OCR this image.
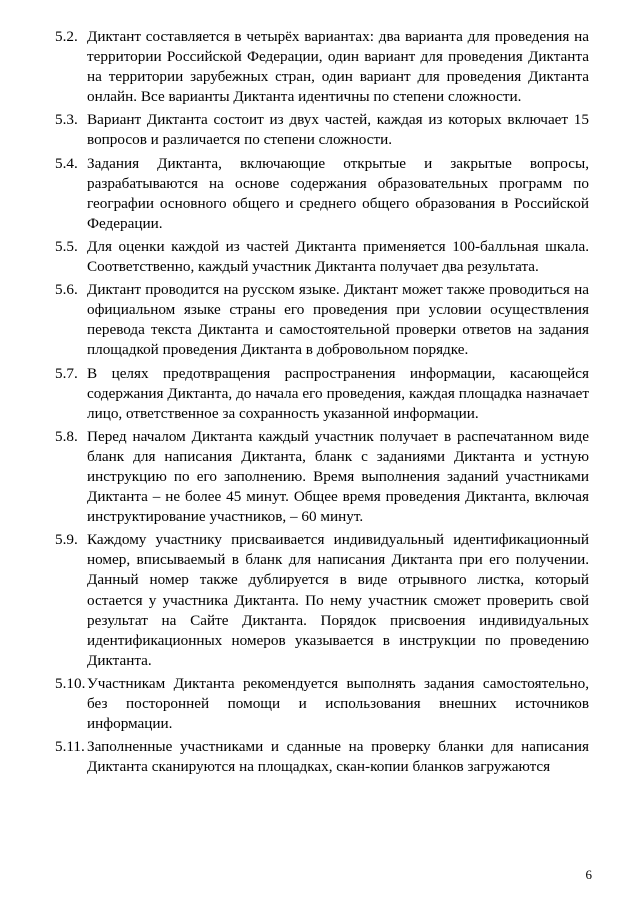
5.2. Диктант составляется в четырёх вариантах: два варианта для проведения на территории Российской Федерации, один вариант для проведения Диктанта на территории зарубежных стран, один вариант для проведения Диктанта онлайн. Все варианты Диктанта идентичны по степени сложности.
5.3. Вариант Диктанта состоит из двух частей, каждая из которых включает 15 вопросов и различается по степени сложности.
5.4. Задания Диктанта, включающие открытые и закрытые вопросы, разрабатываются на основе содержания образовательных программ по географии основного общего и среднего общего образования в Российской Федерации.
5.5. Для оценки каждой из частей Диктанта применяется 100-балльная шкала. Соответственно, каждый участник Диктанта получает два результата.
5.6. Диктант проводится на русском языке. Диктант может также проводиться на официальном языке страны его проведения при условии осуществления перевода текста Диктанта и самостоятельной проверки ответов на задания площадкой проведения Диктанта в добровольном порядке.
5.7. В целях предотвращения распространения информации, касающейся содержания Диктанта, до начала его проведения, каждая площадка назначает лицо, ответственное за сохранность указанной информации.
5.8. Перед началом Диктанта каждый участник получает в распечатанном виде бланк для написания Диктанта, бланк с заданиями Диктанта и устную инструкцию по его заполнению. Время выполнения заданий участниками Диктанта – не более 45 минут. Общее время проведения Диктанта, включая инструктирование участников, – 60 минут.
5.9. Каждому участнику присваивается индивидуальный идентификационный номер, вписываемый в бланк для написания Диктанта при его получении. Данный номер также дублируется в виде отрывного листка, который остается у участника Диктанта. По нему участник сможет проверить свой результат на Сайте Диктанта. Порядок присвоения индивидуальных идентификационных номеров указывается в инструкции по проведению Диктанта.
5.10. Участникам Диктанта рекомендуется выполнять задания самостоятельно, без посторонней помощи и использования внешних источников информации.
5.11. Заполненные участниками и сданные на проверку бланки для написания Диктанта сканируются на площадках, скан-копии бланков загружаются
6
